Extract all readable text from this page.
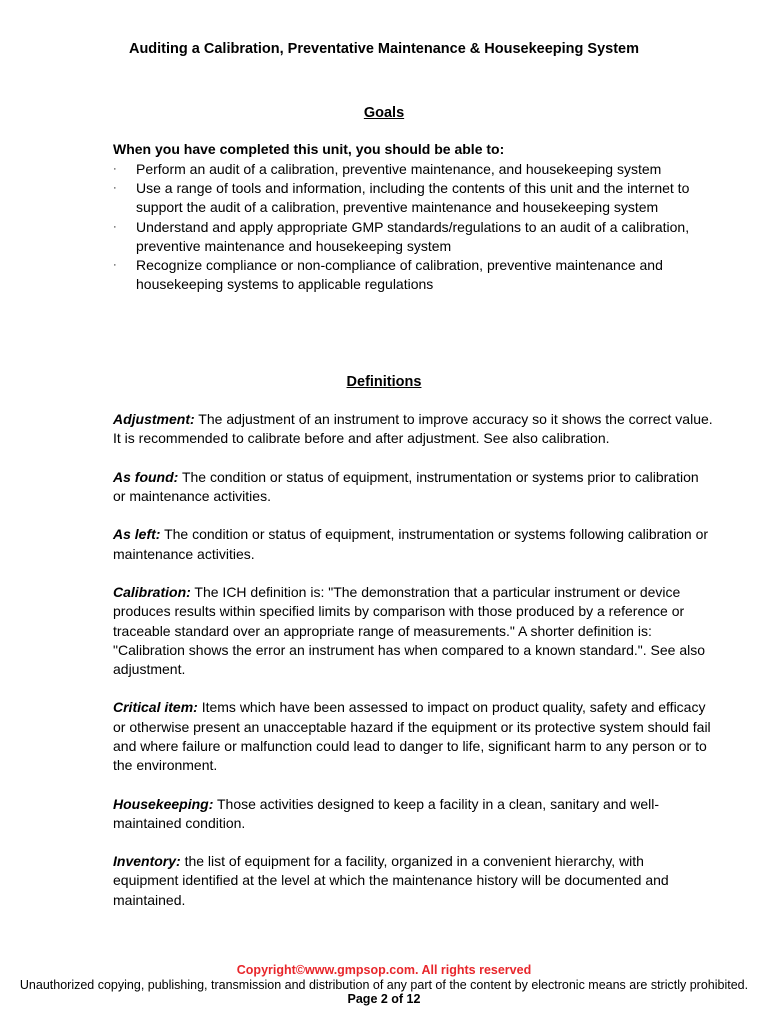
Auditing a Calibration, Preventative Maintenance & Housekeeping System
Goals
When you have completed this unit, you should be able to:
· Perform an audit of a calibration, preventive maintenance, and housekeeping system
· Use a range of tools and information, including the contents of this unit and the internet to support the audit of a calibration, preventive maintenance and housekeeping system
· Understand and apply appropriate GMP standards/regulations to an audit of a calibration, preventive maintenance and housekeeping system
· Recognize compliance or non-compliance of calibration, preventive maintenance and housekeeping systems to applicable regulations
Definitions

Adjustment: The adjustment of an instrument to improve accuracy so it shows the correct value. It is recommended to calibrate before and after adjustment. See also calibration.

As found: The condition or status of equipment, instrumentation or systems prior to calibration or maintenance activities.

As left: The condition or status of equipment, instrumentation or systems following calibration or maintenance activities.

Calibration: The ICH definition is: "The demonstration that a particular instrument or device produces results within specified limits by comparison with those produced by a reference or traceable standard over an appropriate range of measurements." A shorter definition is: "Calibration shows the error an instrument has when compared to a known standard.". See also adjustment.

Critical item: Items which have been assessed to impact on product quality, safety and efficacy or otherwise present an unacceptable hazard if the equipment or its protective system should fail and where failure or malfunction could lead to danger to life, significant harm to any person or to the environment.

Housekeeping: Those activities designed to keep a facility in a clean, sanitary and well-maintained condition.

Inventory: the list of equipment for a facility, organized in a convenient hierarchy, with equipment identified at the level at which the maintenance history will be documented and maintained.

Copyright©www.gmpsop.com. All rights reserved
Unauthorized copying, publishing, transmission and distribution of any part of the content by electronic means are strictly prohibited.
Page 2 of 12
